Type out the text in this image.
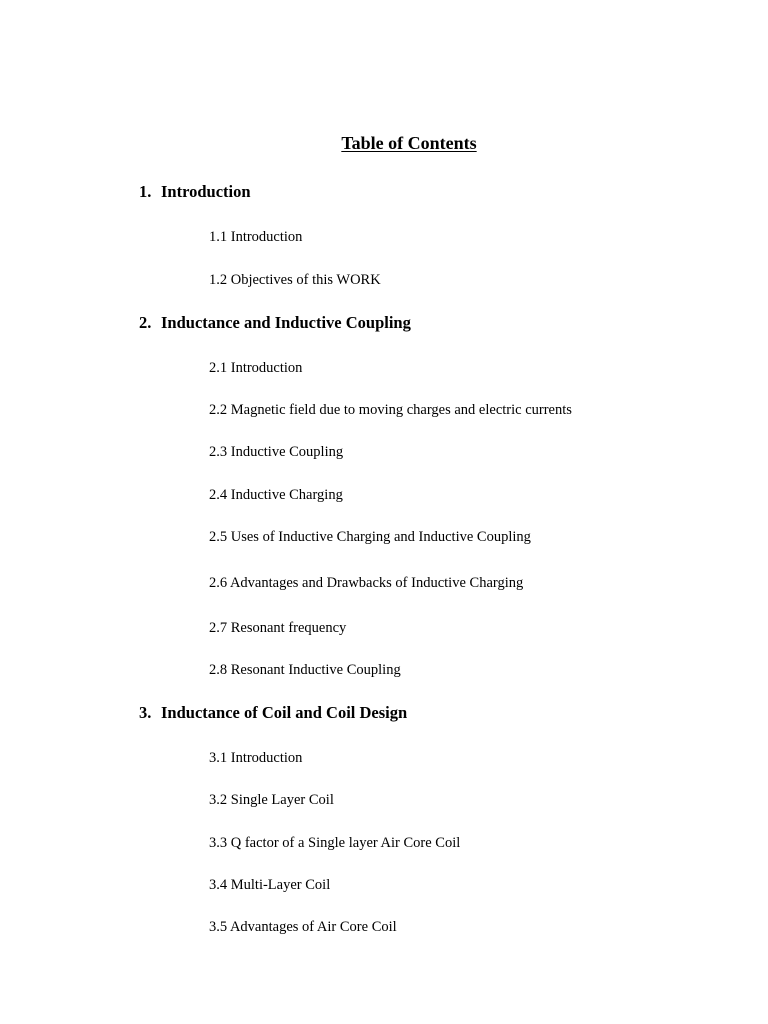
Table of Contents
1. Introduction
1.1 Introduction
1.2 Objectives of this WORK
2. Inductance and Inductive Coupling
2.1 Introduction
2.2 Magnetic field due to moving charges and electric currents
2.3 Inductive Coupling
2.4 Inductive Charging
2.5 Uses of Inductive Charging and Inductive Coupling
2.6 Advantages and Drawbacks of Inductive Charging
2.7 Resonant frequency
2.8 Resonant Inductive Coupling
3. Inductance of Coil and Coil Design
3.1 Introduction
3.2 Single Layer Coil
3.3 Q factor of a Single layer Air Core Coil
3.4 Multi-Layer Coil
3.5 Advantages of Air Core Coil
